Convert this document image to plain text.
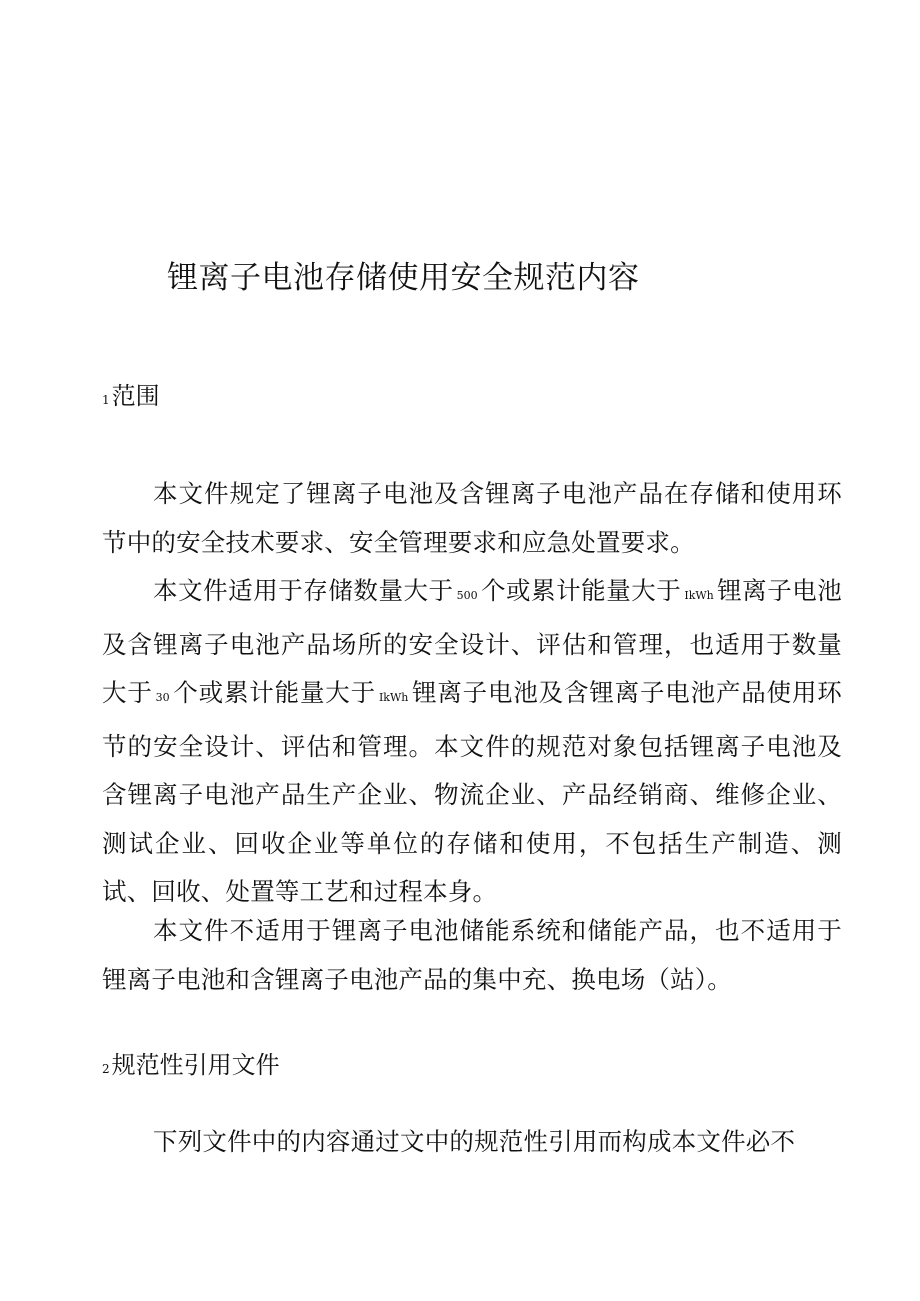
锂离子电池存储使用安全规范内容
1范围

本文件规定了锂离子电池及含锂离子电池产品在存储和使用环节中的安全技术要求、安全管理要求和应急处置要求。

本文件适用于存储数量大于 500 个或累计能量大于 IkWh 锂离子电池及含锂离子电池产品场所的安全设计、评估和管理，也适用于数量大于 30 个或累计能量大于 IkWh 锂离子电池及含锂离子电池产品使用环节的安全设计、评估和管理。本文件的规范对象包括锂离子电池及含锂离子电池产品生产企业、物流企业、产品经销商、维修企业、测试企业、回收企业等单位的存储和使用，不包括生产制造、测试、回收、处置等工艺和过程本身。

本文件不适用于锂离子电池储能系统和储能产品，也不适用于锂离子电池和含锂离子电池产品的集中充、换电场（站）。

2规范性引用文件

下列文件中的内容通过文中的规范性引用而构成本文件必不
